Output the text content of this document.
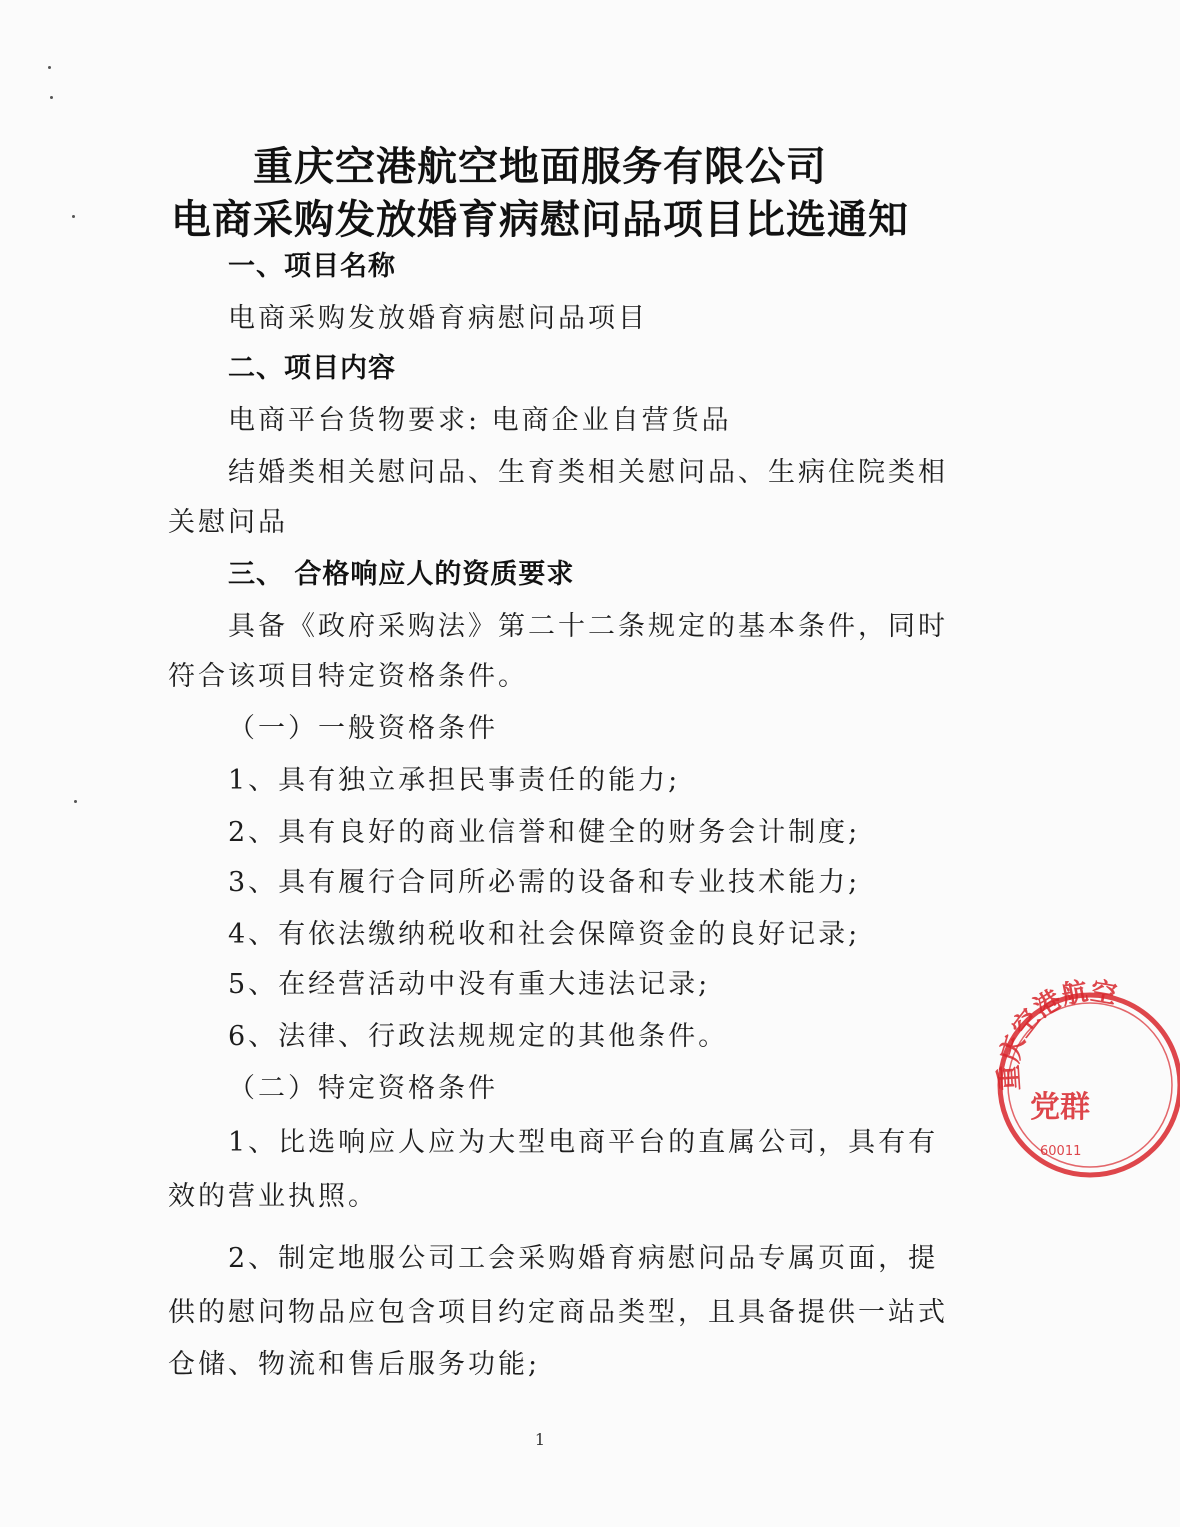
重庆空港航空地面服务有限公司
电商采购发放婚育病慰问品项目比选通知
一、项目名称
电商采购发放婚育病慰问品项目
二、项目内容
电商平台货物要求: 电商企业自营货品
结婚类相关慰问品、生育类相关慰问品、生病住院类相
关慰问品
三、 合格响应人的资质要求
具备《政府采购法》第二十二条规定的基本条件，同时
符合该项目特定资格条件。
（一）一般资格条件
1、具有独立承担民事责任的能力;
2、具有良好的商业信誉和健全的财务会计制度;
3、具有履行合同所必需的设备和专业技术能力;
4、有依法缴纳税收和社会保障资金的良好记录;
5、在经营活动中没有重大违法记录;
6、法律、行政法规规定的其他条件。
（二）特定资格条件
1、比选响应人应为大型电商平台的直属公司，具有有
效的营业执照。
2、制定地服公司工会采购婚育病慰问品专属页面，提
供的慰问物品应包含项目约定商品类型，且具备提供一站式
仓储、物流和售后服务功能;
1
重庆空港航空
党群
60011
